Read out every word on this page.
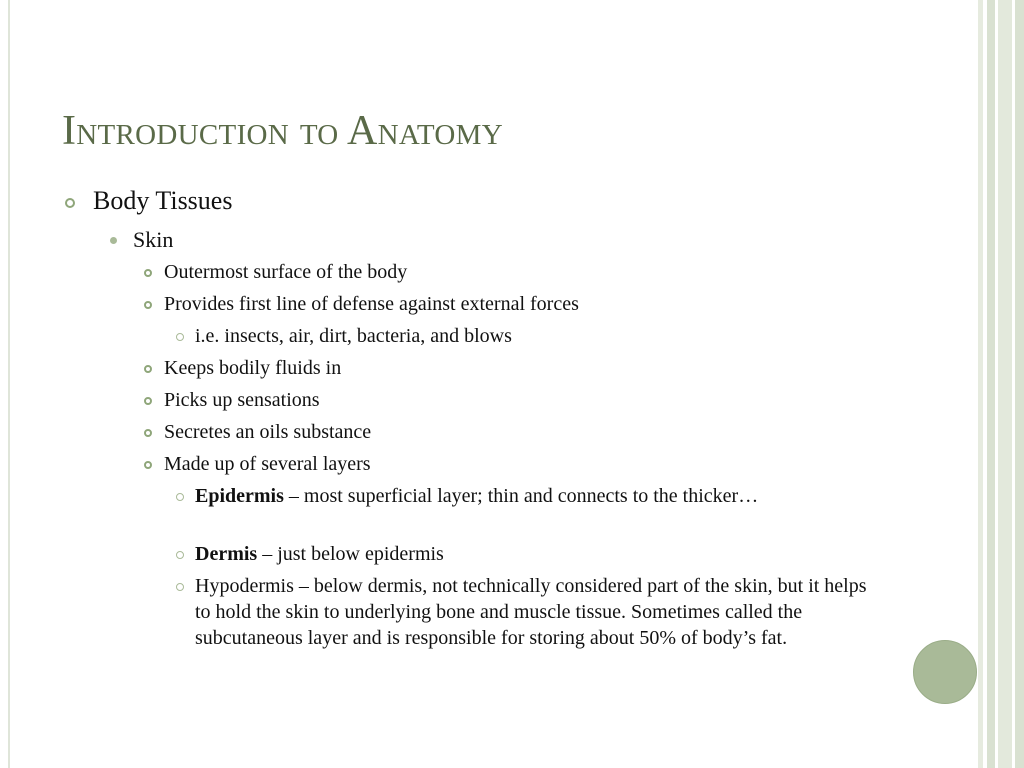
Introduction to Anatomy
Body Tissues
Skin
Outermost surface of the body
Provides first line of defense against external forces
i.e. insects, air, dirt, bacteria, and blows
Keeps bodily fluids in
Picks up sensations
Secretes an oils substance
Made up of several layers
Epidermis – most superficial layer; thin and connects to the thicker…
Dermis – just below epidermis
Hypodermis – below dermis, not technically considered part of the skin, but it helps to hold the skin to underlying bone and muscle tissue. Sometimes called the subcutaneous layer and is responsible for storing about 50% of body’s fat.
